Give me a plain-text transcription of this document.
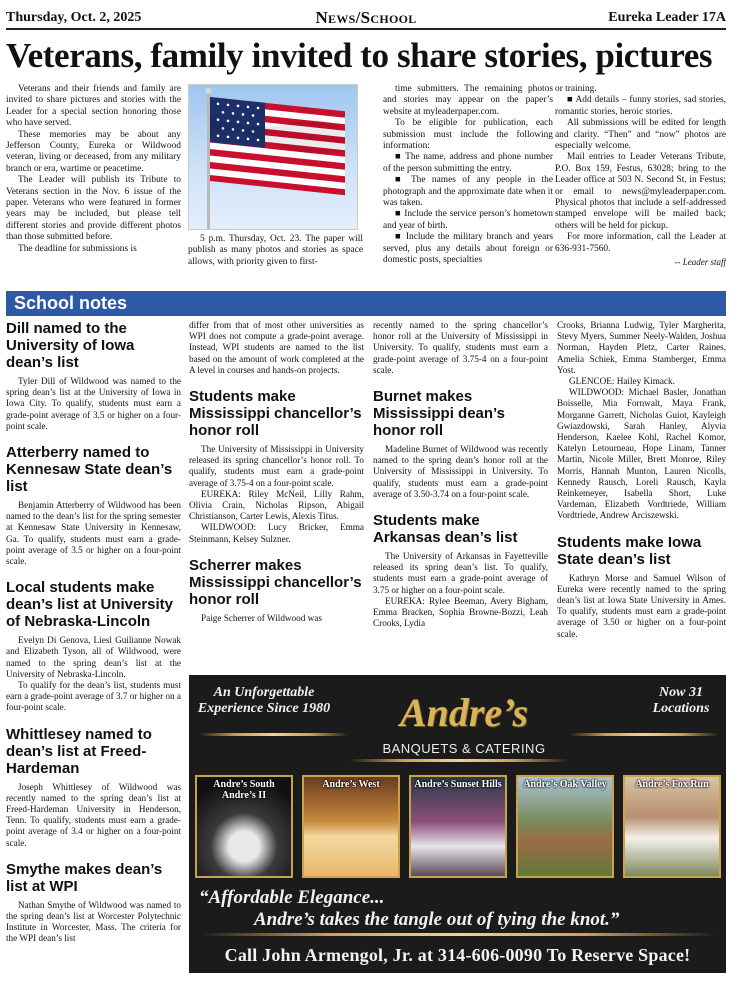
Thursday, Oct. 2, 2025	News/School	Eureka Leader 17A
Veterans, family invited to share stories, pictures

Veterans and their friends and family are invited to share pictures and stories with the Leader for a special section honoring those who have served.

These memories may be about any Jefferson County, Eureka or Wildwood veteran, living or deceased, from any military branch or era, wartime or peacetime.

The Leader will publish its Tribute to Veterans section in the Nov. 6 issue of the paper. Veterans who were featured in former years may be included, but please tell different stories and provide different photos than those submitted before.

The deadline for submissions is

5 p.m. Thursday, Oct. 23. The paper will publish as many photos and stories as space allows, with priority given to first-

time submitters. The remaining photos and stories may appear on the paper’s website at myleaderpaper.com.

To be eligible for publication, each submission must include the following information:

■ The name, address and phone number of the person submitting the entry.

■ The names of any people in the photograph and the approximate date when it was taken.

■ Include the service person’s hometown and year of birth.

■ Include the military branch and years served, plus any details about foreign or domestic posts, specialties

or training.

■ Add details – funny stories, sad stories, romantic stories, heroic stories.

All submissions will be edited for length and clarity. “Then” and “now” photos are especially welcome.

Mail entries to Leader Veterans Tribute, P.O. Box 159, Festus, 63028; bring to the Leader office at 503 N. Second St. in Festus; or email to news@myleaderpaper.com. Physical photos that include a self-addressed stamped envelope will be mailed back; others will be held for pickup.

For more information, call the Leader at 636-931-7560.

-- Leader staff
School notes
Dill named to the University of Iowa dean’s list

Tyler Dill of Wildwood was named to the spring dean’s list at the University of Iowa in Iowa City. To qualify, students must earn a grade-point average of 3.5 or higher on a four-point scale.

Atterberry named to Kennesaw State dean’s list

Benjamin Atterberry of Wildwood has been named to the dean’s list for the spring semester at Kennesaw State University in Kennesaw, Ga. To qualify, students must earn a grade-point average of 3.5 or higher on a four-point scale.

Local students make dean’s list at University of Nebraska-Lincoln

Evelyn Di Genova, Liesl Guilianne Nowak and Elizabeth Tyson, all of Wildwood, were named to the spring dean’s list at the University of Nebraska-Lincoln.

To qualify for the dean’s list, students must earn a grade-point average of 3.7 or higher on a four-point scale.

Whittlesey named to dean’s list at Freed-Hardeman

Joseph Whittlesey of Wildwood was recently named to the spring dean’s list at Freed-Hardeman University in Henderson, Tenn. To qualify, students must earn a grade-point average of 3.4 or higher on a four-point scale.

Smythe makes dean’s list at WPI

Nathan Smythe of Wildwood was named to the spring dean’s list at Worcester Polytechnic Institute in Worcester, Mass. The criteria for the WPI dean’s list

differ from that of most other universities as WPI does not compute a grade-point average. Instead, WPI students are named to the list based on the amount of work completed at the A level in courses and hands-on projects.

Students make Mississippi chancellor’s honor roll

The University of Mississippi in University released its spring chancellor’s honor roll. To qualify, students must earn a grade-point average of 3.75-4 on a four-point scale.

EUREKA: Riley McNeil, Lilly Rahm, Olivia Crain, Nicholas Ripson, Abigail Christianson, Carter Lewis, Alexis Titus.

WILDWOOD: Lucy Bricker, Emma Steinmann, Kelsey Sulzner.

Scherrer makes Mississippi chancellor’s honor roll

Paige Scherrer of Wildwood was

recently named to the spring chancellor’s honor roll at the University of Mississippi in University. To qualify, students must earn a grade-point average of 3.75-4 on a four-point scale.

Burnet makes Mississippi dean’s honor roll

Madeline Burnet of Wildwood was recently named to the spring dean’s honor roll at the University of Mississippi in University. To qualify, students must earn a grade-point average of 3.50-3.74 on a four-point scale.

Students make Arkansas dean’s list

The University of Arkansas in Fayetteville released its spring dean’s list. To qualify, students must earn a grade-point average of 3.75 or higher on a four-point scale.

EUREKA: Rylee Beeman, Avery Bigham, Emma Bracken, Sophia Browne-Bozzi, Leah Crooks, Lydia

Crooks, Brianna Ludwig, Tyler Margherita, Stevy Myers, Summer Neely-Walden, Joshua Norman, Hayden Pletz, Carter Raines, Amelia Schiek, Emma Stamberger, Emma Yost.

GLENCOE: Hailey Kimack.

WILDWOOD: Michael Basler, Jonathan Boisselle, Mia Fornwalt, Maya Frank, Morganne Garrett, Nicholas Guiot, Kayleigh Gwiazdowski, Sarah Hanley, Alyvia Henderson, Kaelee Kohl, Rachel Komor, Katelyn Letourneau, Hope Linam, Tanner Martin, Nicole Miller, Brett Monroe, Riley Morris, Hannah Munton, Lauren Nicolls, Kennedy Rausch, Loreli Rausch, Kayla Reinkemeyer, Isabella Short, Luke Vardeman, Elizabeth Vordtriede, William Vordtriede, Andrew Arciszewski.

Students make Iowa State dean’s list

Kathryn Morse and Samuel Wilson of Eureka were recently named to the spring dean’s list at Iowa State University in Ames. To qualify, students must earn a grade-point average of 3.50 or higher on a four-point scale.

An Unforgettable Experience Since 1980	Andre’s
BANQUETS & CATERING
Now 31 Locations
Andre’s South Andre’s II
Andre’s West	Andre’s Sunset Hills	Andre’s Oak Valley	Andre’s Fox Run
“Affordable Elegance...
Andre’s takes the tangle out of tying the knot.”
Call John Armengol, Jr. at 314-606-0090 To Reserve Space!
